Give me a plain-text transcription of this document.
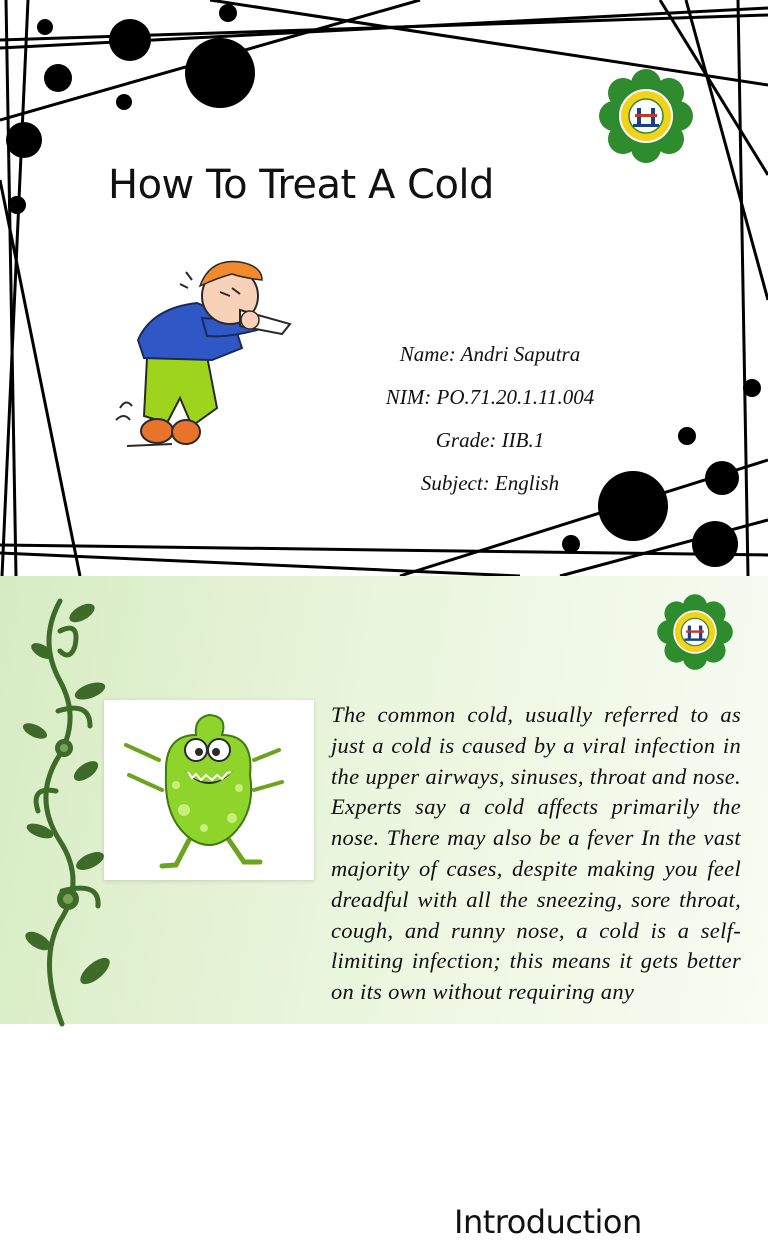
How To Treat A Cold
Name: Andri Saputra
NIM: PO.71.20.1.11.004
Grade: IIB.1
Subject: English
Introduction

The common cold, usually referred to as just a cold is caused by a viral infection in the upper airways, sinuses, throat and nose. Experts say a cold affects primarily the nose. There may also be a fever In the vast majority of cases, despite making you feel dreadful with all the sneezing, sore throat, cough, and runny nose, a cold is a self-limiting infection; this means it gets better on its own without requiring any
